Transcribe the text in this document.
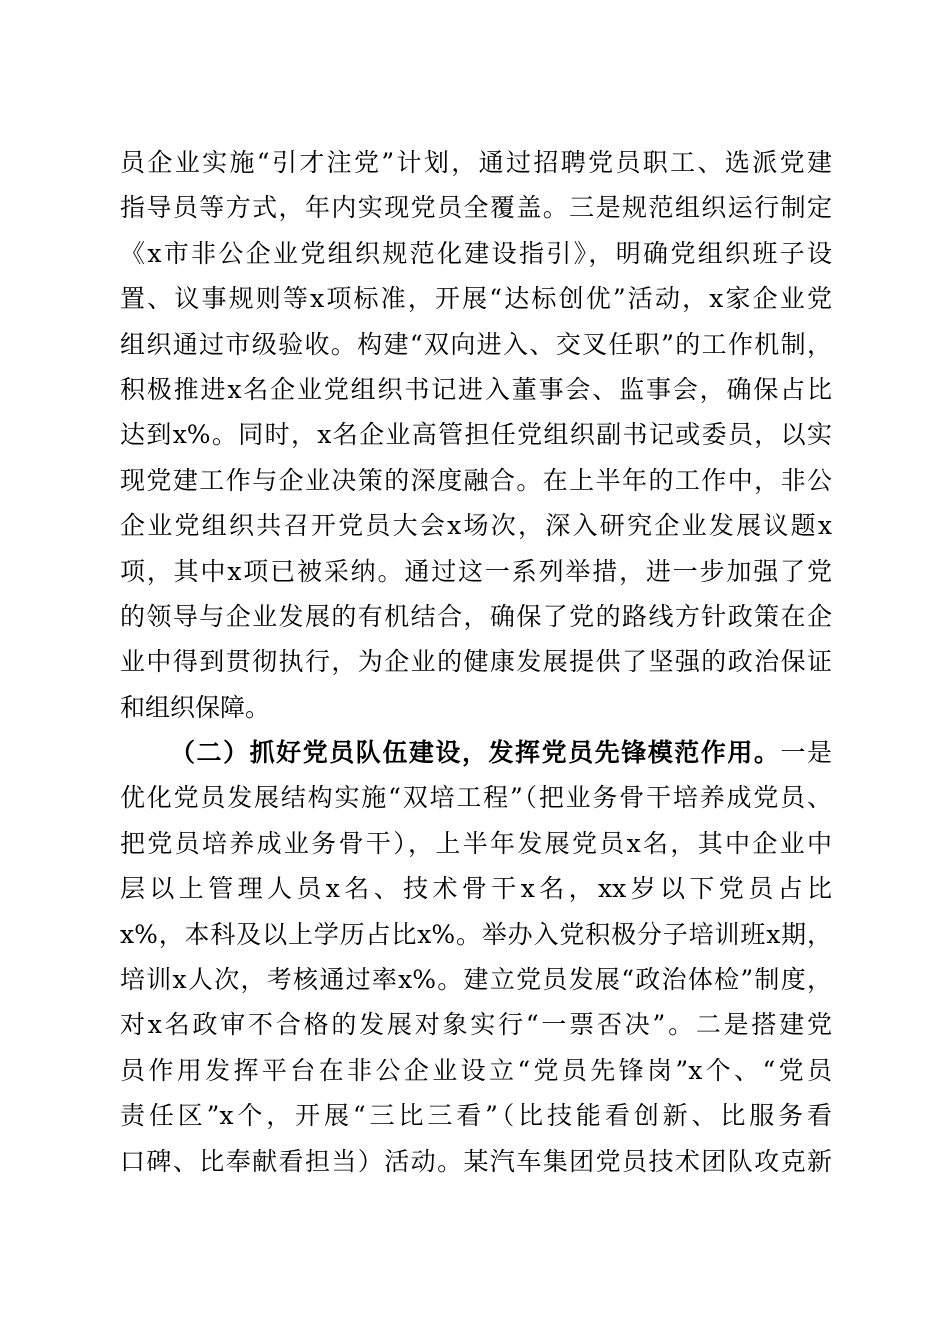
员企业实施“引才注党”计划，通过招聘党员职工、选派党建
指导员等方式，年内实现党员全覆盖。三是规范组织运行制定
《x市非公企业党组织规范化建设指引》，明确党组织班子设
置、议事规则等x项标准，开展“达标创优”活动，x家企业党
组织通过市级验收。构建“双向进入、交叉任职”的工作机制，
积极推进x名企业党组织书记进入董事会、监事会，确保占比
达到x%。同时，x名企业高管担任党组织副书记或委员，以实
现党建工作与企业决策的深度融合。在上半年的工作中，非公
企业党组织共召开党员大会x场次，深入研究企业发展议题x
项，其中x项已被采纳。通过这一系列举措，进一步加强了党
的领导与企业发展的有机结合，确保了党的路线方针政策在企
业中得到贯彻执行，为企业的健康发展提供了坚强的政治保证
和组织保障。
（二）抓好党员队伍建设，发挥党员先锋模范作用。一是
优化党员发展结构实施“双培工程”（把业务骨干培养成党员、
把党员培养成业务骨干），上半年发展党员x名，其中企业中
层以上管理人员x名、技术骨干x名，xx岁以下党员占比
x%，本科及以上学历占比x%。举办入党积极分子培训班x期，
培训x人次，考核通过率x%。建立党员发展“政治体检”制度，
对x名政审不合格的发展对象实行“一票否决”。二是搭建党
员作用发挥平台在非公企业设立“党员先锋岗”x个、“党员
责任区”x个，开展“三比三看”（比技能看创新、比服务看
口碑、比奉献看担当）活动。某汽车集团党员技术团队攻克新
